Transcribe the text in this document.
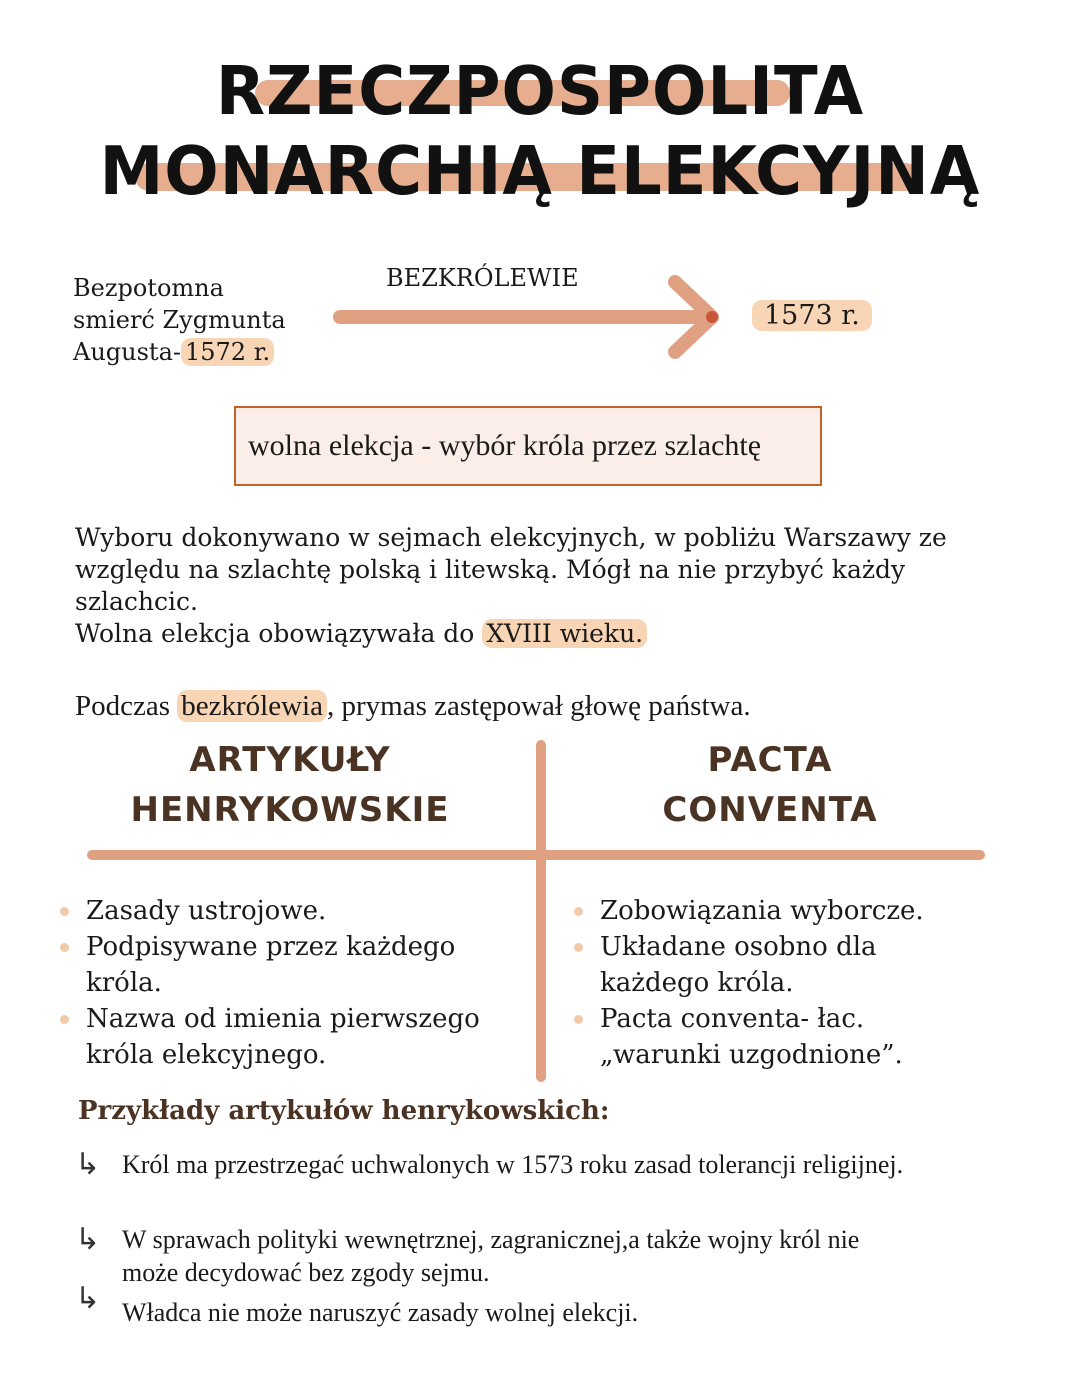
RZECZPOSPOLITA
MONARCHIĄ ELEKCYJNĄ
Bezpotomna
smierć Zygmunta
Augusta- 1572 r.
BEZKRÓLEWIE
1573 r.
wolna elekcja - wybór króla przez szlachtę
Wyboru dokonywano w sejmach elekcyjnych, w pobliżu Warszawy ze względu na szlachtę polską i litewską. Mógł na nie przybyć każdy szlachcic.
Wolna elekcja obowiązywała do XVIII wieku.
Podczas bezkrólewia , prymas zastępował głowę państwa.
ARTYKUŁY
HENRYKOWSKIE
PACTA
CONVENTA
Zasady ustrojowe.
Podpisywane przez każdego króla.
Nazwa od imienia pierwszego króla elekcyjnego.
Zobowiązania wyborcze.
Układane osobno dla każdego króla.
Pacta conventa- łac. „warunki uzgodnione”.
Przykłady artykułów henrykowskich:
↳ Król ma przestrzegać uchwalonych w 1573 roku zasad tolerancji religijnej.
↳ W sprawach polityki wewnętrznej, zagranicznej,a także wojny król nie może decydować bez zgody sejmu.
↳ Władca nie może naruszyć zasady wolnej elekcji.
